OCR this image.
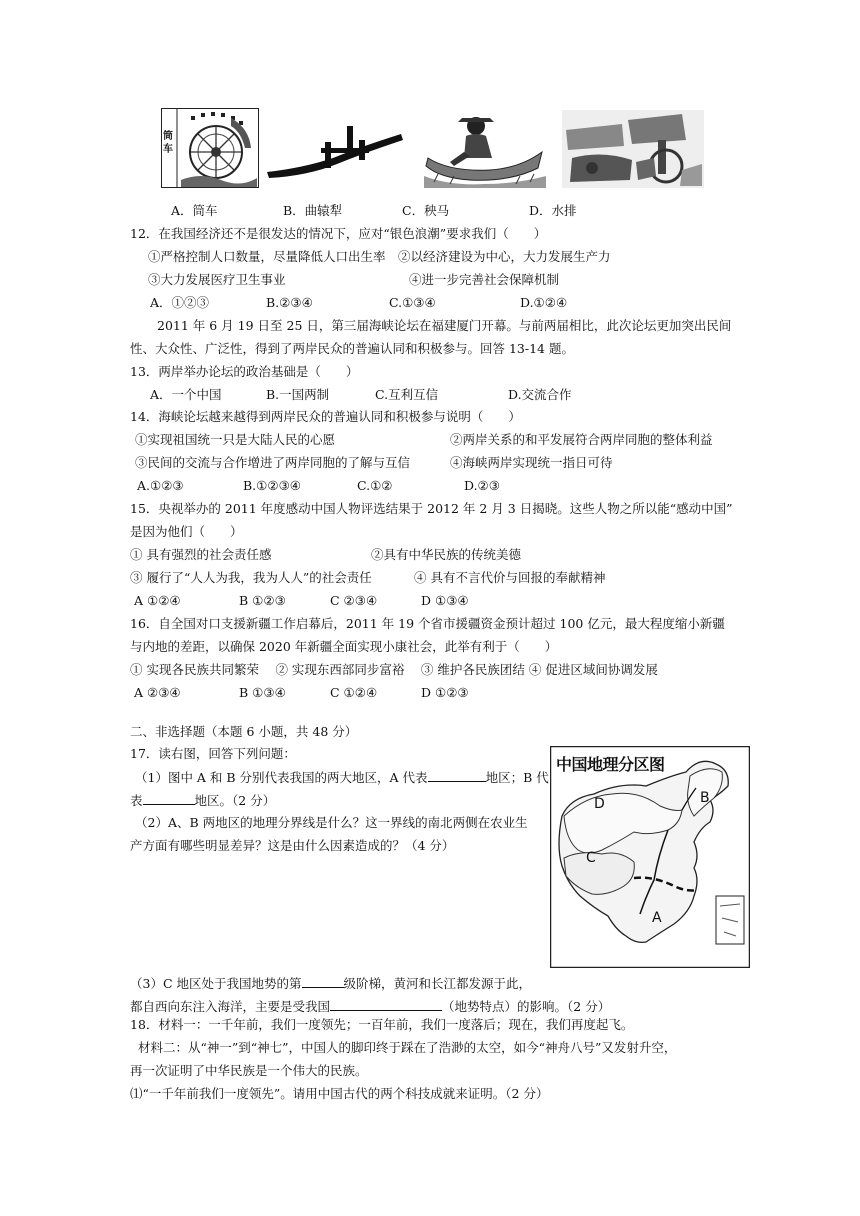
筒车
A．筒车	B．曲辕犁	C．秧马	D．水排
12．在我国经济还不是很发达的情况下，应对“银色浪潮”要求我们（　　）
①严格控制人口数量，尽量降低人口出生率　②以经济建设为中心，大力发展生产力
③大力发展医疗卫生事业	④进一步完善社会保障机制
A．①②③	B.②③④	C.①③④	D.①②④
2011 年 6 月 19 日至 25 日，第三届海峡论坛在福建厦门开幕。与前两届相比，此次论坛更加突出民间
性、大众性、广泛性，得到了两岸民众的普遍认同和积极参与。回答 13-14 题。
13．两岸举办论坛的政治基础是（　　）
A．一个中国	B.一国两制	C.互利互信	D.交流合作
14．海峡论坛越来越得到两岸民众的普遍认同和积极参与说明（　　）
①实现祖国统一只是大陆人民的心愿	②两岸关系的和平发展符合两岸同胞的整体利益
③民间的交流与合作增进了两岸同胞的了解与互信	④海峡两岸实现统一指日可待
A.①②③	B.①②③④	C.①②	D.②③
15．央视举办的 2011 年度感动中国人物评选结果于 2012 年 2 月 3 日揭晓。这些人物之所以能“感动中国”
是因为他们（　　）
① 具有强烈的社会责任感	②具有中华民族的传统美德
③ 履行了“人人为我，我为人人”的社会责任	④ 具有不言代价与回报的奉献精神
A ①②④	B ①②③	C ②③④	D ①③④
16．自全国对口支援新疆工作启幕后，2011 年 19 个省市援疆资金预计超过 100 亿元，最大程度缩小新疆
与内地的差距，以确保 2020 年新疆全面实现小康社会，此举有利于（　　）
① 实现各民族共同繁荣　 ② 实现东西部同步富裕　 ③ 维护各民族团结 ④ 促进区域间协调发展
A ②③④	B ①③④	C ①②④	D ①②③
二、非选择题（本题 6 小题，共 48 分）
17．读右图，回答下列问题：
（1）图中 A 和 B 分别代表我国的两大地区，A 代表	地区；B 代
表	地区。（2 分）
（2）A、B 两地区的地理分界线是什么？这一界线的南北两侧在农业生
产方面有哪些明显差异？这是由什么因素造成的？（4 分）
中国地理分区图
D	B
C
A
（3）C 地区处于我国地势的第	级阶梯，黄河和长江都发源于此，
都自西向东注入海洋，主要是受我国	（地势特点）的影响。（2 分）
18．材料一：一千年前，我们一度领先；一百年前，我们一度落后；现在，我们再度起飞。
材料二：从“神一”到“神七”，中国人的脚印终于踩在了浩渺的太空，如今“神舟八号”又发射升空，
再一次证明了中华民族是一个伟大的民族。
⑴“一千年前我们一度领先”。请用中国古代的两个科技成就来证明。（2 分）
